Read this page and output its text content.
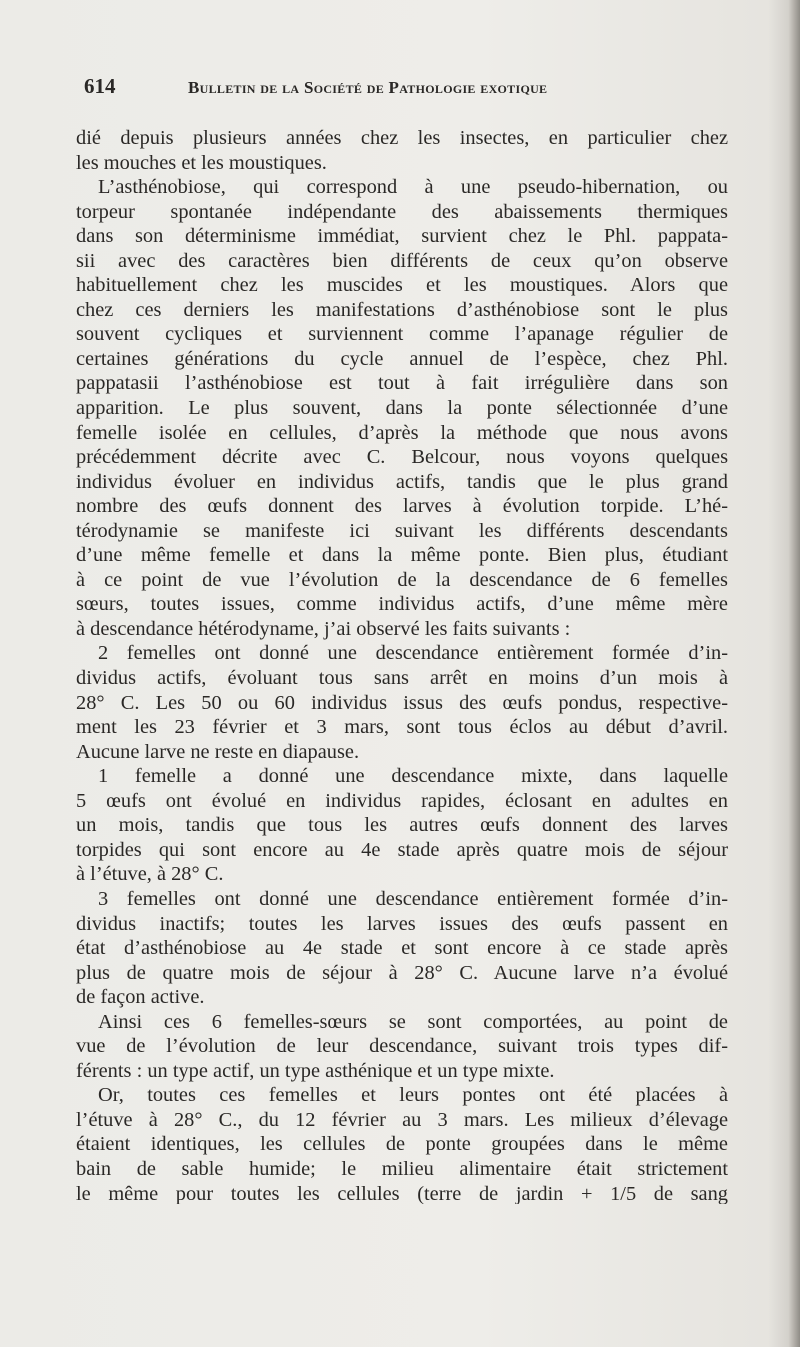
614	Bulletin de la Société de Pathologie exotique
dié depuis plusieurs années chez les insectes, en particulier chez
les mouches et les moustiques.
L’asthénobiose, qui correspond à une pseudo-hibernation, ou
torpeur spontanée indépendante des abaissements thermiques
dans son déterminisme immédiat, survient chez le Phl. pappata-
sii avec des caractères bien différents de ceux qu’on observe
habituellement chez les muscides et les moustiques. Alors que
chez ces derniers les manifestations d’asthénobiose sont le plus
souvent cycliques et surviennent comme l’apanage régulier de
certaines générations du cycle annuel de l’espèce, chez Phl.
pappatasii l’asthénobiose est tout à fait irrégulière dans son
apparition. Le plus souvent, dans la ponte sélectionnée d’une
femelle isolée en cellules, d’après la méthode que nous avons
précédemment décrite avec C. Belcour, nous voyons quelques
individus évoluer en individus actifs, tandis que le plus grand
nombre des œufs donnent des larves à évolution torpide. L’hé-
térodynamie se manifeste ici suivant les différents descendants
d’une même femelle et dans la même ponte. Bien plus, étudiant
à ce point de vue l’évolution de la descendance de 6 femelles
sœurs, toutes issues, comme individus actifs, d’une même mère
à descendance hétérodyname, j’ai observé les faits suivants :
2 femelles ont donné une descendance entièrement formée d’in-
dividus actifs, évoluant tous sans arrêt en moins d’un mois à
28° C. Les 50 ou 60 individus issus des œufs pondus, respective-
ment les 23 février et 3 mars, sont tous éclos au début d’avril.
Aucune larve ne reste en diapause.
1 femelle a donné une descendance mixte, dans laquelle
5 œufs ont évolué en individus rapides, éclosant en adultes en
un mois, tandis que tous les autres œufs donnent des larves
torpides qui sont encore au 4e stade après quatre mois de séjour
à l’étuve, à 28° C.
3 femelles ont donné une descendance entièrement formée d’in-
dividus inactifs; toutes les larves issues des œufs passent en
état d’asthénobiose au 4e stade et sont encore à ce stade après
plus de quatre mois de séjour à 28° C. Aucune larve n’a évolué
de façon active.
Ainsi ces 6 femelles-sœurs se sont comportées, au point de
vue de l’évolution de leur descendance, suivant trois types dif-
férents : un type actif, un type asthénique et un type mixte.
Or, toutes ces femelles et leurs pontes ont été placées à
l’étuve à 28° C., du 12 février au 3 mars. Les milieux d’élevage
étaient identiques, les cellules de ponte groupées dans le même
bain de sable humide; le milieu alimentaire était strictement
le même pour toutes les cellules (terre de jardin + 1/5 de sang
